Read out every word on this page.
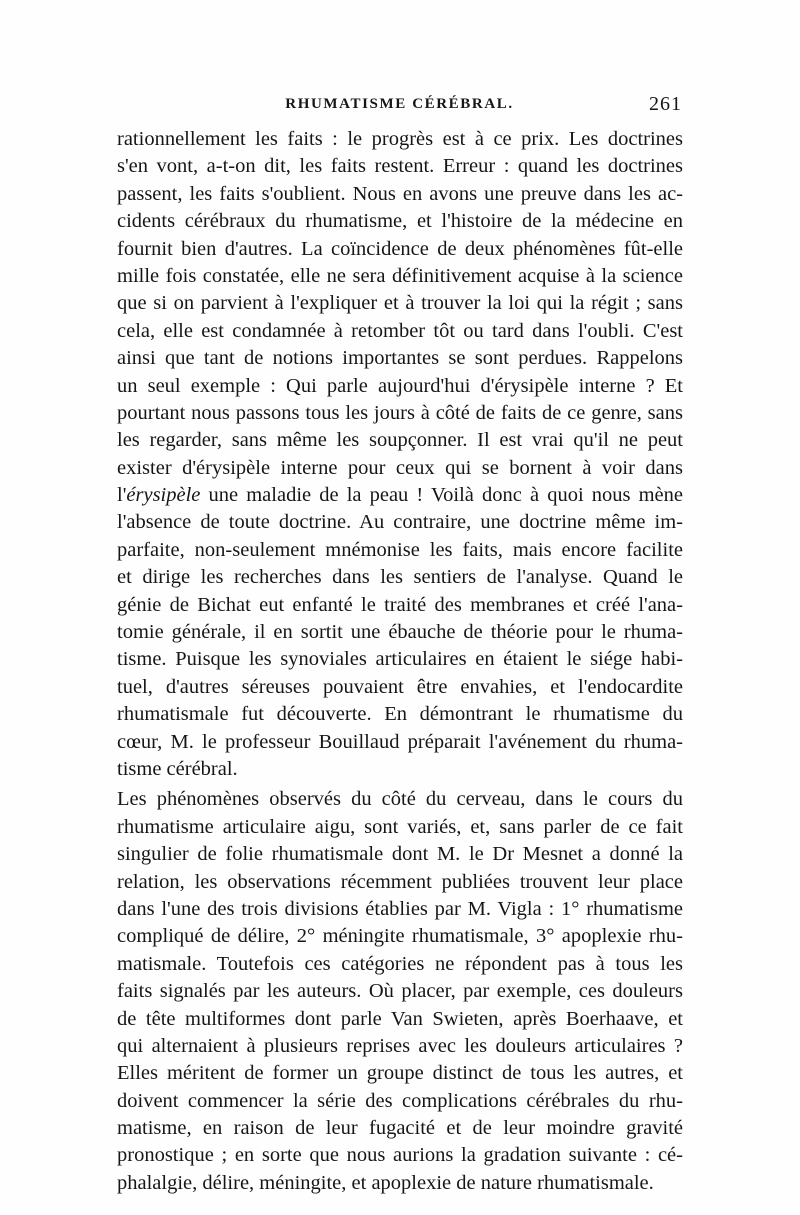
RHUMATISME CÉRÉBRAL.	261
rationnellement les faits : le progrès est à ce prix. Les doctrines
s'en vont, a-t-on dit, les faits restent. Erreur : quand les doctrines
passent, les faits s'oublient. Nous en avons une preuve dans les ac-
cidents cérébraux du rhumatisme, et l'histoire de la médecine en
fournit bien d'autres. La coïncidence de deux phénomènes fût-elle
mille fois constatée, elle ne sera définitivement acquise à la science
que si on parvient à l'expliquer et à trouver la loi qui la régit ; sans
cela, elle est condamnée à retomber tôt ou tard dans l'oubli. C'est
ainsi que tant de notions importantes se sont perdues. Rappelons
un seul exemple : Qui parle aujourd'hui d'érysipèle interne ? Et
pourtant nous passons tous les jours à côté de faits de ce genre, sans
les regarder, sans même les soupçonner. Il est vrai qu'il ne peut
exister d'érysipèle interne pour ceux qui se bornent à voir dans
l'érysipèle une maladie de la peau ! Voilà donc à quoi nous mène
l'absence de toute doctrine. Au contraire, une doctrine même im-
parfaite, non-seulement mnémonise les faits, mais encore facilite
et dirige les recherches dans les sentiers de l'analyse. Quand le
génie de Bichat eut enfanté le traité des membranes et créé l'ana-
tomie générale, il en sortit une ébauche de théorie pour le rhuma-
tisme. Puisque les synoviales articulaires en étaient le siége habi-
tuel, d'autres séreuses pouvaient être envahies, et l'endocardite
rhumatismale fut découverte. En démontrant le rhumatisme du
cœur, M. le professeur Bouillaud préparait l'avénement du rhuma-
tisme cérébral.
Les phénomènes observés du côté du cerveau, dans le cours du
rhumatisme articulaire aigu, sont variés, et, sans parler de ce fait
singulier de folie rhumatismale dont M. le Dr Mesnet a donné la
relation, les observations récemment publiées trouvent leur place
dans l'une des trois divisions établies par M. Vigla : 1° rhumatisme
compliqué de délire, 2° méningite rhumatismale, 3° apoplexie rhu-
matismale. Toutefois ces catégories ne répondent pas à tous les
faits signalés par les auteurs. Où placer, par exemple, ces douleurs
de tête multiformes dont parle Van Swieten, après Boerhaave, et
qui alternaient à plusieurs reprises avec les douleurs articulaires ?
Elles méritent de former un groupe distinct de tous les autres, et
doivent commencer la série des complications cérébrales du rhu-
matisme, en raison de leur fugacité et de leur moindre gravité
pronostique ; en sorte que nous aurions la gradation suivante : cé-
phalalgie, délire, méningite, et apoplexie de nature rhumatismale.
